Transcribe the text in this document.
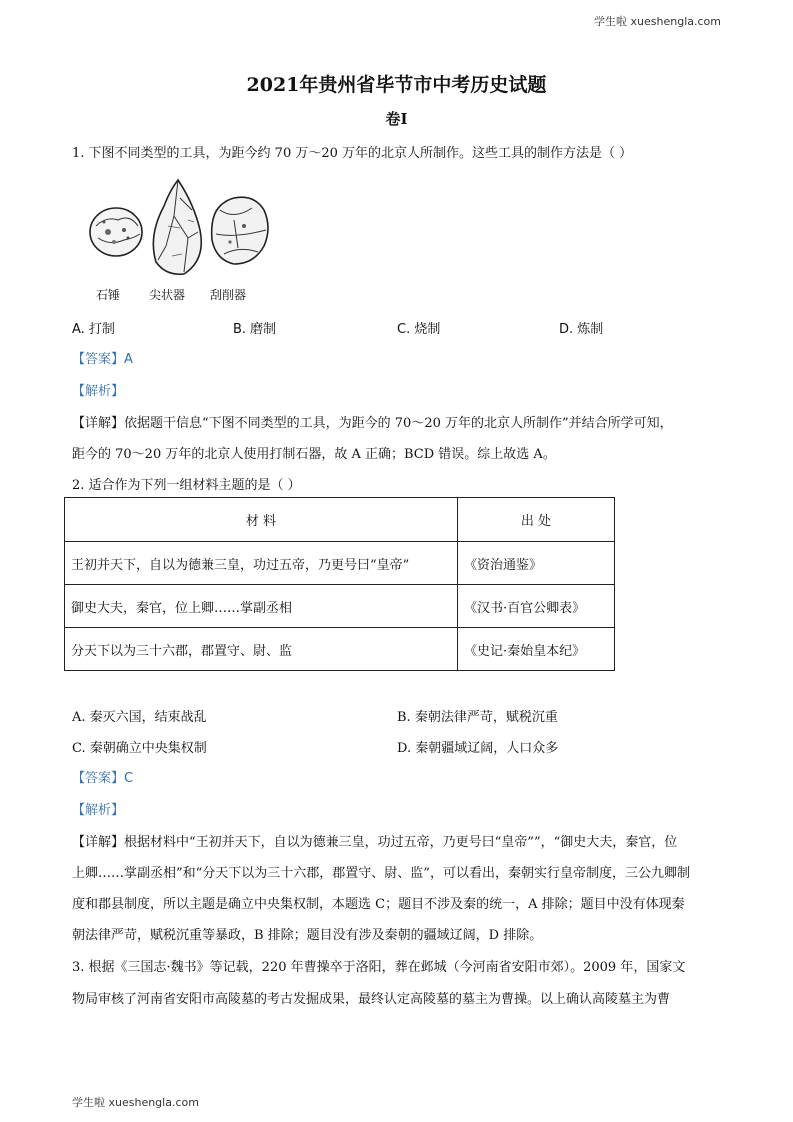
学生啦 xueshengla.com
2021年贵州省毕节市中考历史试题
卷I
1. 下图不同类型的工具，为距今约 70 万～20 万年的北京人所制作。这些工具的制作方法是（ ）
石锤 尖状器 刮削器
A. 打制	B. 磨制	C. 烧制	D. 炼制
【答案】A
【解析】
【详解】依据题干信息“下图不同类型的工具，为距今的 70～20 万年的北京人所制作”并结合所学可知，
距今的 70～20 万年的北京人使用打制石器，故 A 正确；BCD 错误。综上故选 A。
2. 适合作为下列一组材料主题的是（ ）
材 料	出 处
王初并天下，自以为德兼三皇，功过五帝，乃更号曰“皇帝”	《资治通鉴》
御史大夫，秦官，位上卿……掌副丞相	《汉书·百官公卿表》
分天下以为三十六郡，郡置守、尉、监	《史记·秦始皇本纪》
A. 秦灭六国，结束战乱	B. 秦朝法律严苛，赋税沉重
C. 秦朝确立中央集权制	D. 秦朝疆域辽阔，人口众多
【答案】C
【解析】
【详解】根据材料中“王初并天下，自以为德兼三皇，功过五帝，乃更号曰“皇帝””，“御史大夫，秦官，位
上卿……掌副丞相”和“分天下以为三十六郡，郡置守、尉、监”，可以看出，秦朝实行皇帝制度，三公九卿制
度和郡县制度，所以主题是确立中央集权制，本题选 C；题目不涉及秦的统一，A 排除；题目中没有体现秦
朝法律严苛，赋税沉重等暴政，B 排除；题目没有涉及秦朝的疆域辽阔，D 排除。
3. 根据《三国志·魏书》等记载，220 年曹操卒于洛阳，葬在邺城（今河南省安阳市郊）。2009 年，国家文
物局审核了河南省安阳市高陵墓的考古发掘成果，最终认定高陵墓的墓主为曹操。以上确认高陵墓主为曹
学生啦 xueshengla.com
